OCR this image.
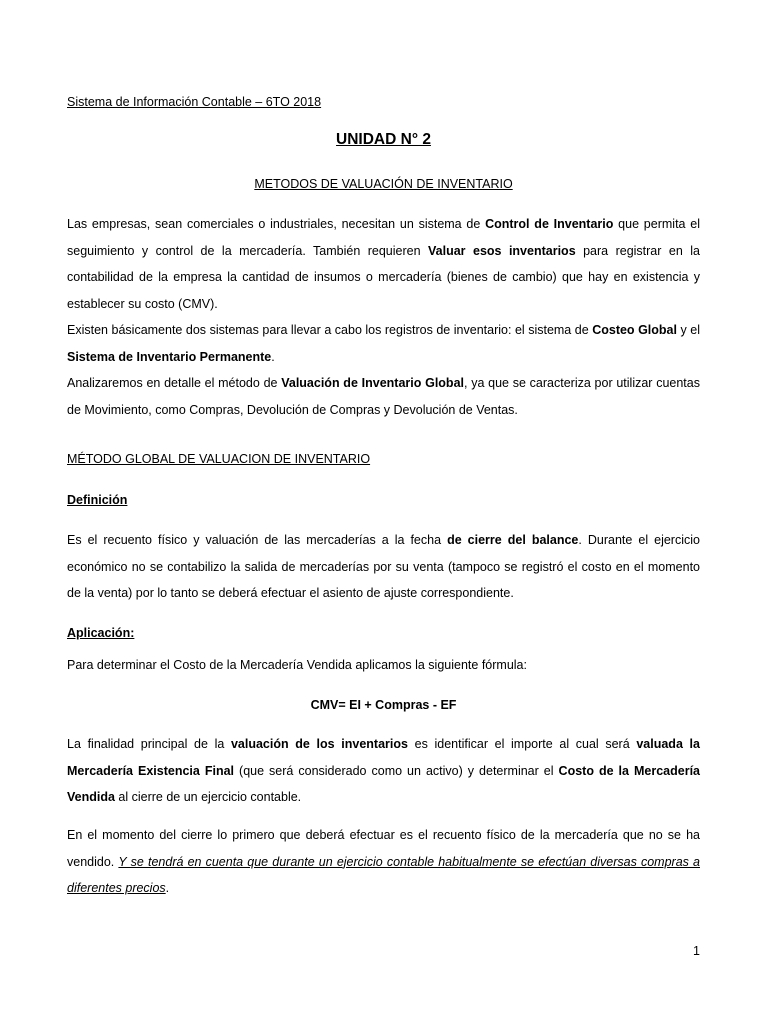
Sistema de Información Contable – 6TO 2018
UNIDAD N° 2
METODOS DE VALUACIÓN DE INVENTARIO

Las empresas, sean comerciales o industriales, necesitan un sistema de Control de Inventario que permita el seguimiento y control de la mercadería. También requieren Valuar esos inventarios para registrar en la contabilidad de la empresa la cantidad de insumos o mercadería (bienes de cambio) que hay en existencia y establecer su costo (CMV).

Existen básicamente dos sistemas para llevar a cabo los registros de inventario: el sistema de Costeo Global y el Sistema de Inventario Permanente.

Analizaremos en detalle el método de Valuación de Inventario Global, ya que se caracteriza por utilizar cuentas de Movimiento, como Compras, Devolución de Compras y Devolución de Ventas.

MÉTODO GLOBAL DE VALUACION DE INVENTARIO
Definición

Es el recuento físico y valuación de las mercaderías a la fecha de cierre del balance. Durante el ejercicio económico no se contabilizo la salida de mercaderías por su venta (tampoco se registró el costo en el momento de la venta) por lo tanto se deberá efectuar el asiento de ajuste correspondiente.

Aplicación:
Para determinar el Costo de la Mercadería Vendida aplicamos la siguiente fórmula:
CMV= EI + Compras - EF

La finalidad principal de la valuación de los inventarios es identificar el importe al cual será valuada la Mercadería Existencia Final (que será considerado como un activo) y determinar el Costo de la Mercadería Vendida al cierre de un ejercicio contable.

En el momento del cierre lo primero que deberá efectuar es el recuento físico de la mercadería que no se ha vendido. Y se tendrá en cuenta que durante un ejercicio contable habitualmente se efectúan diversas compras a diferentes precios.

1
